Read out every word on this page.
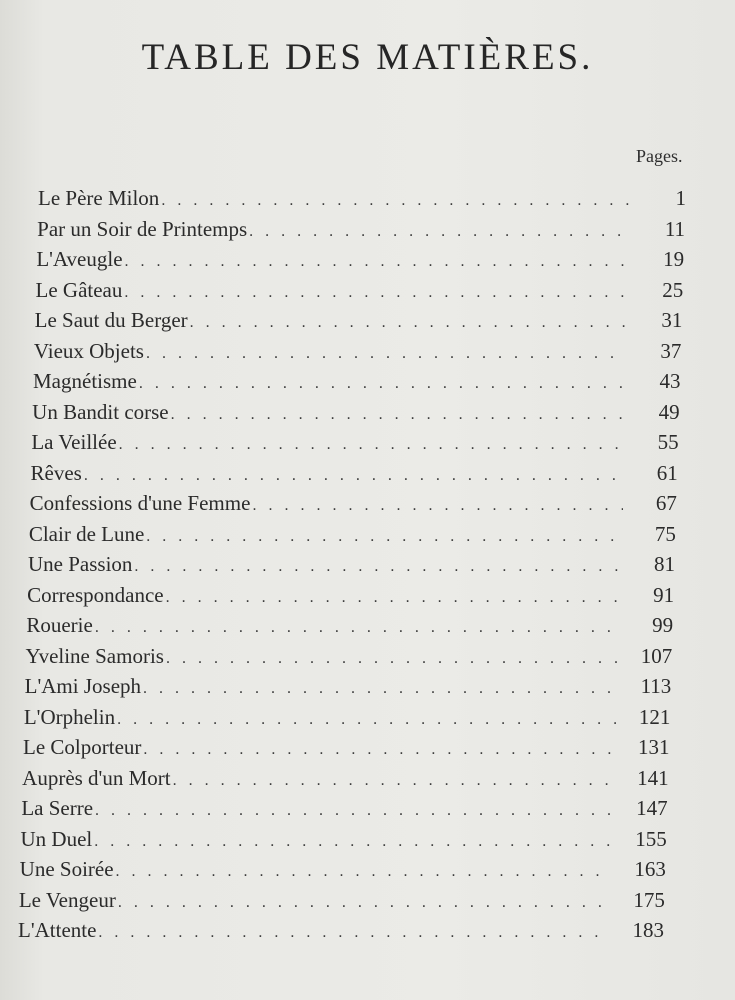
TABLE DES MATIÈRES.
Pages.
Le Père Milon . . .	1
Par un Soir de Printemps . . .	11
L'Aveugle . . .	19
Le Gâteau . . .	25
Le Saut du Berger . . .	31
Vieux Objets . . .	37
Magnétisme . . .	43
Un Bandit corse . . .	49
La Veillée . . .	55
Rêves . . .	61
Confessions d'une Femme . . .	67
Clair de Lune . . .	75
Une Passion . . .	81
Correspondance . . .	91
Rouerie . . .	99
Yveline Samoris . . .	107
L'Ami Joseph . . .	113
L'Orphelin . . .	121
Le Colporteur . . .	131
Auprès d'un Mort . . .	141
La Serre . . .	147
Un Duel . . .	155
Une Soirée . . .	163
Le Vengeur . . .	175
L'Attente . . .	183
